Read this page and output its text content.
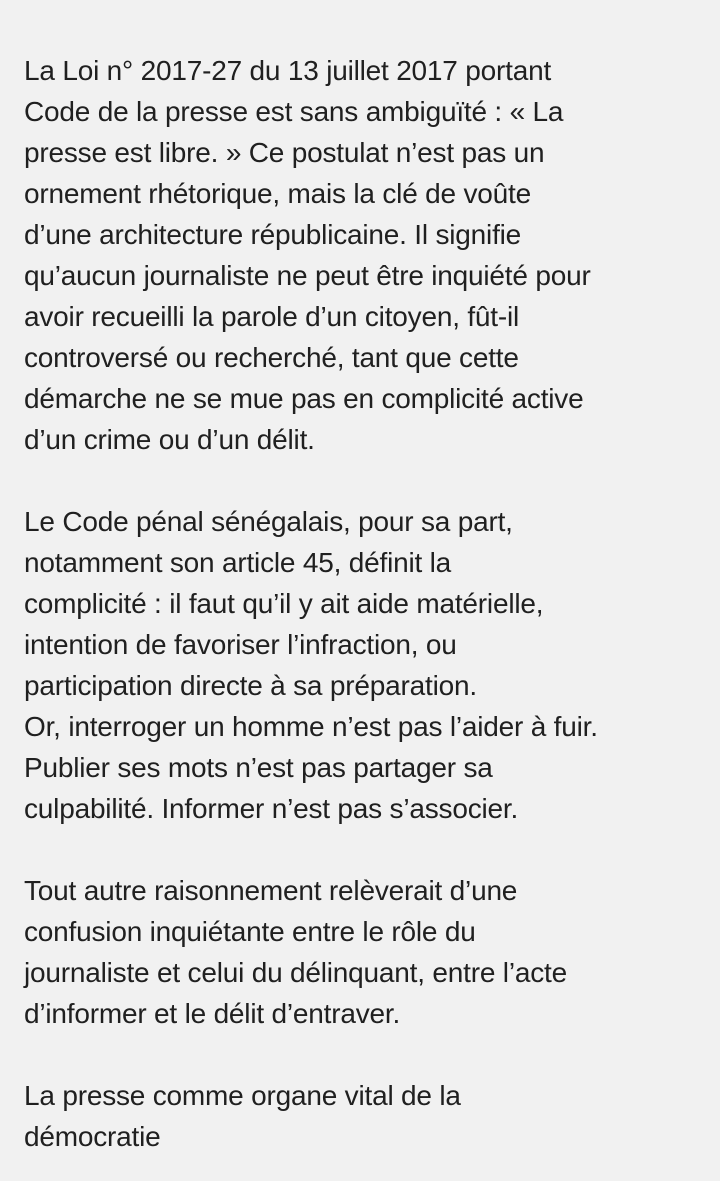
La Loi n° 2017-27 du 13 juillet 2017 portant
Code de la presse est sans ambiguïté : « La
presse est libre. » Ce postulat n’est pas un
ornement rhétorique, mais la clé de voûte
d’une architecture républicaine. Il signifie
qu’aucun journaliste ne peut être inquiété pour
avoir recueilli la parole d’un citoyen, fût-il
controversé ou recherché, tant que cette
démarche ne se mue pas en complicité active
d’un crime ou d’un délit.
Le Code pénal sénégalais, pour sa part,
notamment son article 45, définit la
complicité : il faut qu’il y ait aide matérielle,
intention de favoriser l’infraction, ou
participation directe à sa préparation.
Or, interroger un homme n’est pas l’aider à fuir.
Publier ses mots n’est pas partager sa
culpabilité. Informer n’est pas s’associer.
Tout autre raisonnement relèverait d’une
confusion inquiétante entre le rôle du
journaliste et celui du délinquant, entre l’acte
d’informer et le délit d’entraver.
La presse comme organe vital de la
démocratie
